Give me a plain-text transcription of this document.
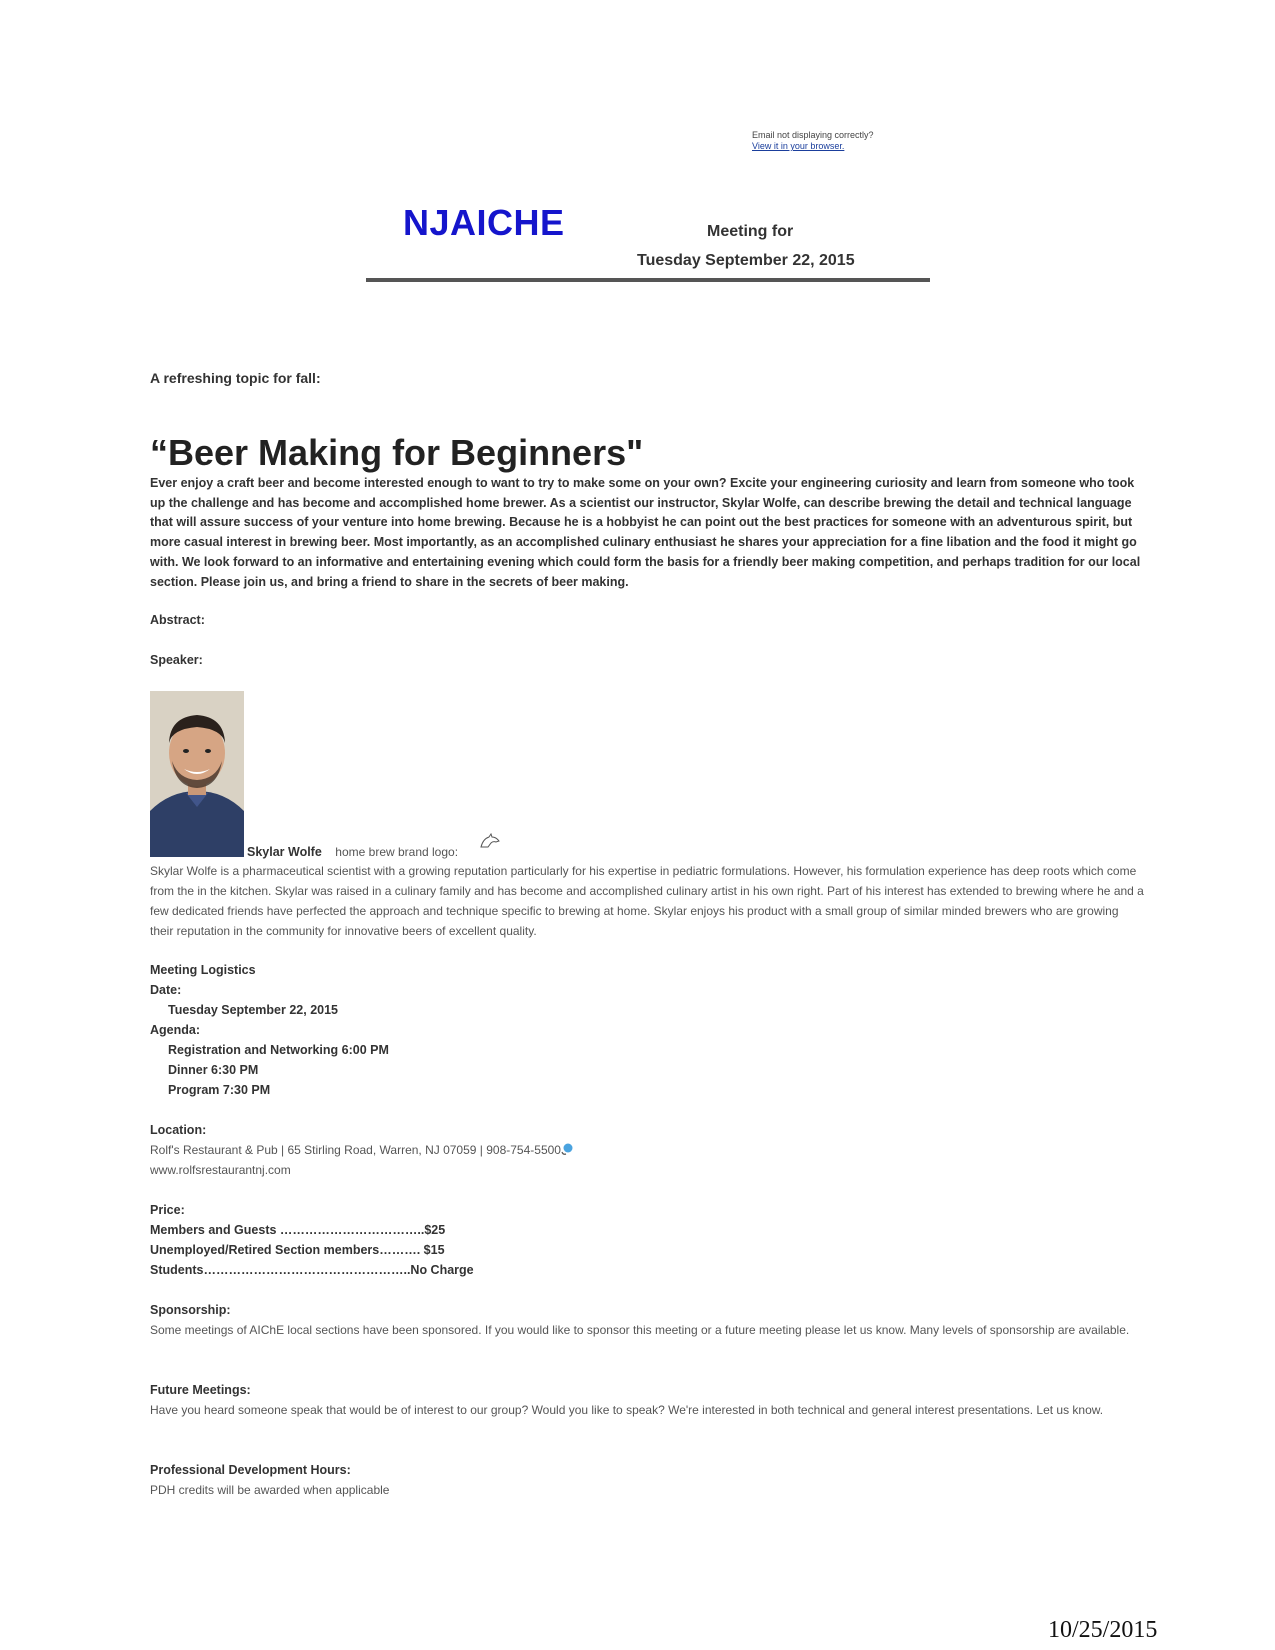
Email not displaying correctly?
View it in your browser.
NJAICHE	Meeting for
Tuesday September 22, 2015
A refreshing topic for fall:
“Beer Making for Beginners"
Ever enjoy a craft beer and become interested enough to want to try to make some on your own? Excite your engineering curiosity and learn from someone who took up the challenge and has become and accomplished home brewer. As a scientist our instructor, Skylar Wolfe, can describe brewing the detail and technical language that will assure success of your venture into home brewing. Because he is a hobbyist he can point out the best practices for someone with an adventurous spirit, but more casual interest in brewing beer. Most importantly, as an accomplished culinary enthusiast he shares your appreciation for a fine libation and the food it might go with. We look forward to an informative and entertaining evening which could form the basis for a friendly beer making competition, and perhaps tradition for our local section. Please join us, and bring a friend to share in the secrets of beer making.
Abstract:
Speaker:
Skylar Wolfe home brew brand logo:
Skylar Wolfe is a pharmaceutical scientist with a growing reputation particularly for his expertise in pediatric formulations. However, his formulation experience has deep roots which come from the in the kitchen. Skylar was raised in a culinary family and has become and accomplished culinary artist in his own right. Part of his interest has extended to brewing where he and a few dedicated friends have perfected the approach and technique specific to brewing at home. Skylar enjoys his product with a small group of similar minded brewers who are growing their reputation in the community for innovative beers of excellent quality.
Meeting Logistics
Date:
Tuesday September 22, 2015
Agenda:
Registration and Networking 6:00 PM
Dinner 6:30 PM
Program 7:30 PM
Location:
Rolf's Restaurant & Pub | 65 Stirling Road, Warren, NJ 07059 | 908-754-5500
www.rolfsrestaurantnj.com
Price:
Members and Guests ……………………………..$25
Unemployed/Retired Section members………. $15
Students…………………………………………..No Charge
Sponsorship:
Some meetings of AIChE local sections have been sponsored. If you would like to sponsor this meeting or a future meeting please let us know. Many levels of sponsorship are available.
Future Meetings:
Have you heard someone speak that would be of interest to our group? Would you like to speak? We're interested in both technical and general interest presentations. Let us know.
Professional Development Hours:
PDH credits will be awarded when applicable
10/25/2015
